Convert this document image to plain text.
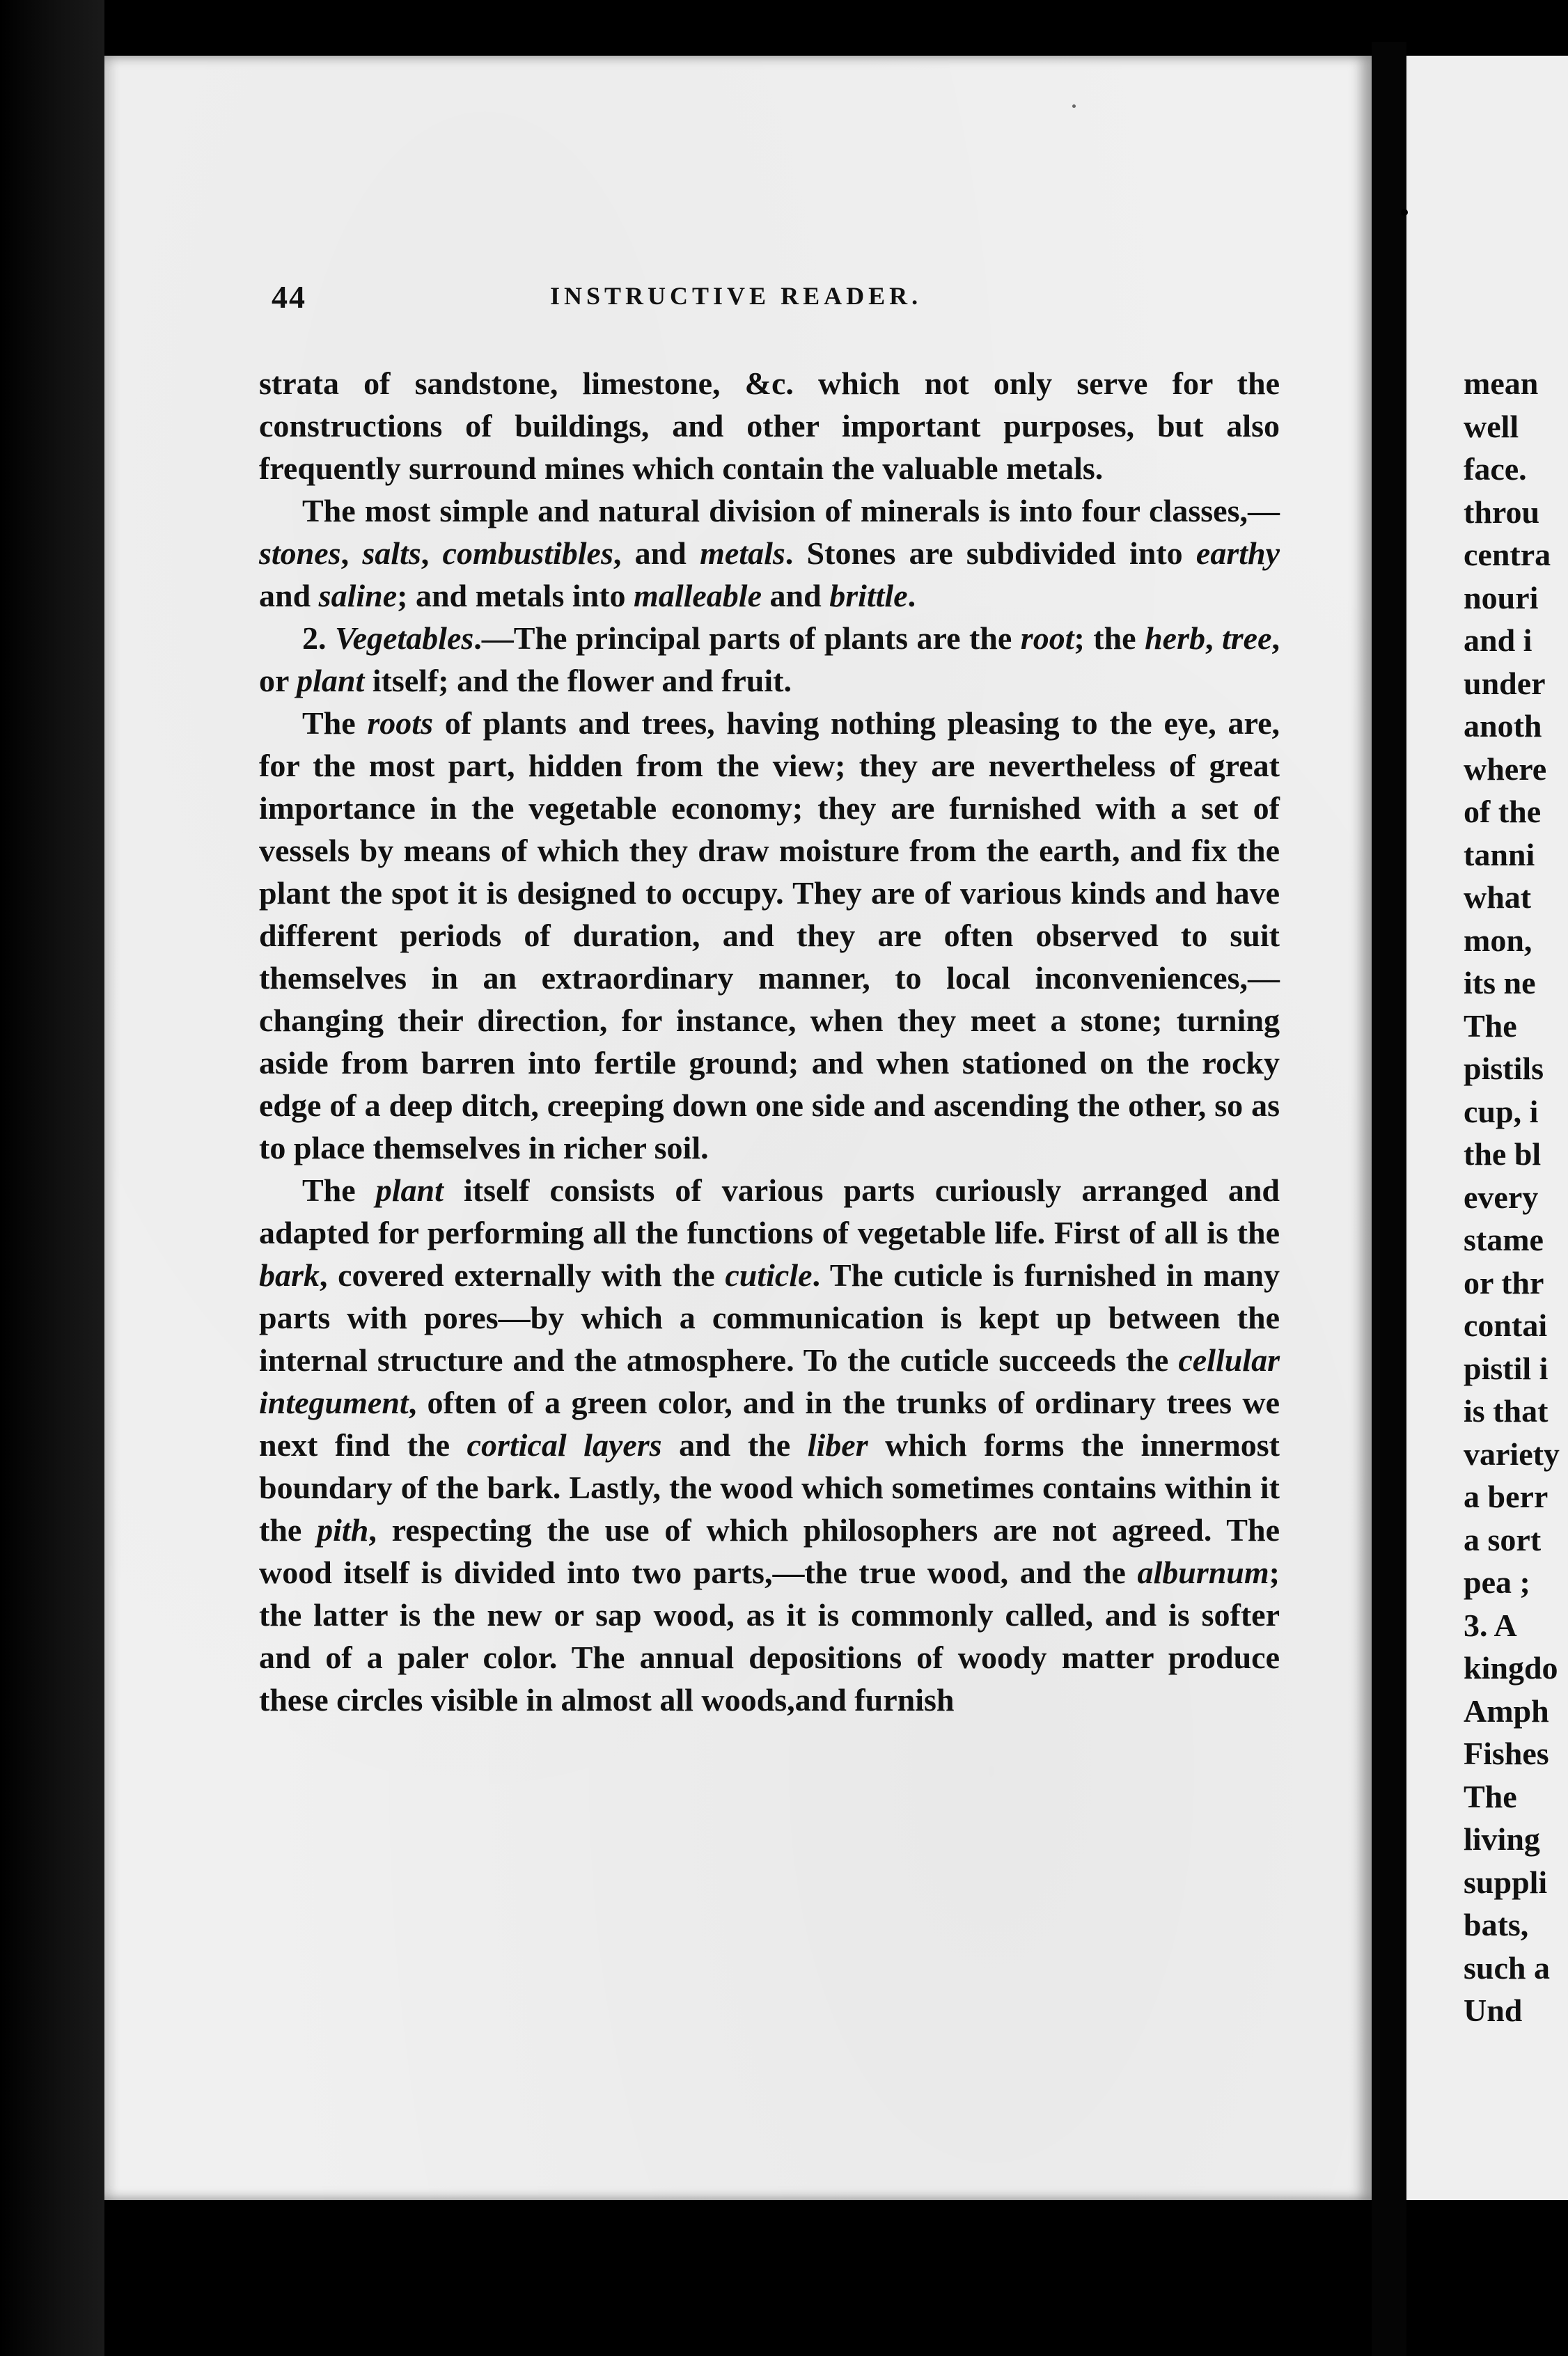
44	INSTRUCTIVE READER.

strata of sandstone, limestone, &c. which not only serve for the constructions of buildings, and other important purposes, but also frequently surround mines which contain the valuable metals.

The most simple and natural division of minerals is into four classes,—stones, salts, combustibles, and metals. Stones are subdivided into earthy and saline; and metals into malleable and brittle.

2. Vegetables.—The principal parts of plants are the root; the herb, tree, or plant itself; and the flower and fruit.

The roots of plants and trees, having nothing pleasing to the eye, are, for the most part, hidden from the view; they are nevertheless of great importance in the vegetable economy; they are furnished with a set of vessels by means of which they draw moisture from the earth, and fix the plant the spot it is designed to occupy. They are of various kinds and have different periods of duration, and they are often observed to suit themselves in an extraordinary manner, to local inconveniences,—changing their direction, for instance, when they meet a stone; turning aside from barren into fertile ground; and when stationed on the rocky edge of a deep ditch, creeping down one side and ascending the other, so as to place themselves in richer soil.

The plant itself consists of various parts curiously arranged and adapted for performing all the functions of vegetable life. First of all is the bark, covered externally with the cuticle. The cuticle is furnished in many parts with pores—by which a communication is kept up between the internal structure and the atmosphere. To the cuticle succeeds the cellular integument, often of a green color, and in the trunks of ordinary trees we next find the cortical layers and the liber which forms the innermost boundary of the bark. Lastly, the wood which sometimes contains within it the pith, respecting the use of which philosophers are not agreed. The wood itself is divided into two parts,—the true wood, and the alburnum; the latter is the new or sap wood, as it is commonly called, and is softer and of a paler color. The annual depositions of woody matter produce these circles visible in almost all woods,and furnish

mean
well
face.
throu
centra
nouri
and i
under
anoth
where
of the
tanni
what
mon,
its ne
The
pistils
cup, i
the bl
every
stame
or thr
contai
pistil i
is that
variety
a berr
a sort
pea ;
3. A
kingdo
Amph
Fishes
The
living
suppli
bats,
such a
Und
